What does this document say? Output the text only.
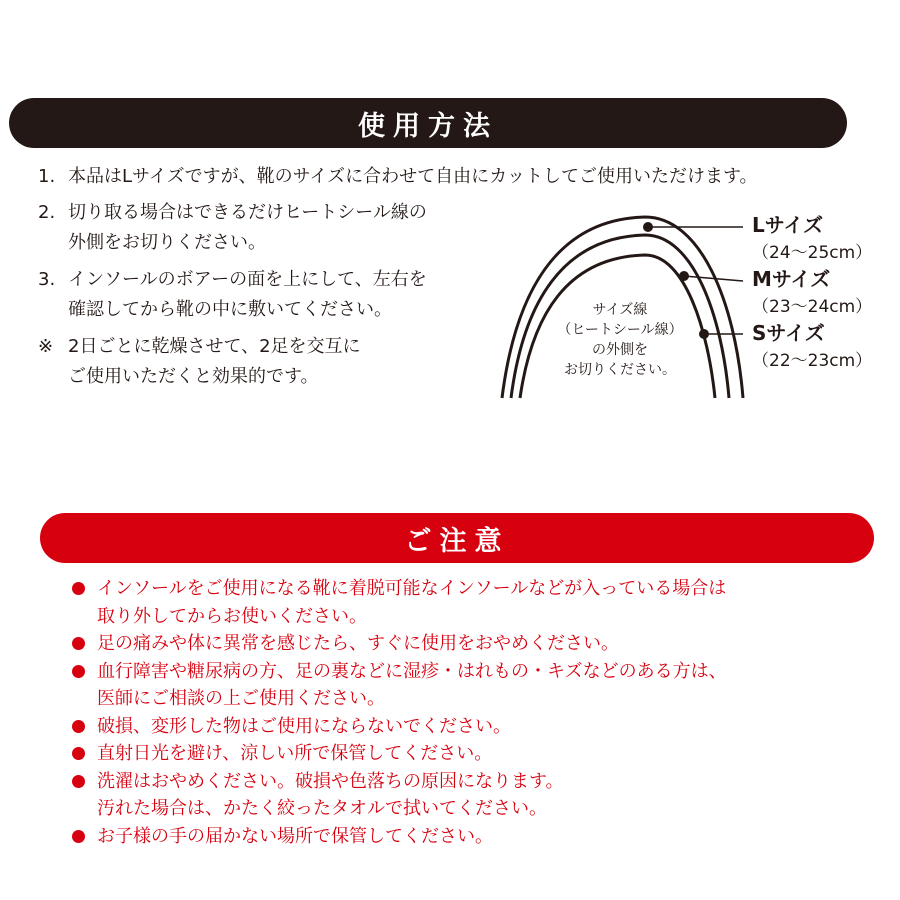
使用方法
1. 本品はLサイズですが、靴のサイズに合わせて自由にカットしてご使用いただけます。
2. 切り取る場合はできるだけヒートシール線の
外側をお切りください。
3. インソールのボアーの面を上にして、左右を
確認してから靴の中に敷いてください。
※ 2日ごとに乾燥させて、2足を交互に
ご使用いただくと効果的です。
Lサイズ
（24〜25cm）
Mサイズ
（23〜24cm）
Sサイズ
（22〜23cm）
サイズ線
（ヒートシール線）
の外側を
お切りください。
ご注意
インソールをご使用になる靴に着脱可能なインソールなどが入っている場合は
取り外してからお使いください。
足の痛みや体に異常を感じたら、すぐに使用をおやめください。
血行障害や糖尿病の方、足の裏などに湿疹・はれもの・キズなどのある方は、
医師にご相談の上ご使用ください。
破損、変形した物はご使用にならないでください。
直射日光を避け、涼しい所で保管してください。
洗濯はおやめください。破損や色落ちの原因になります。
汚れた場合は、かたく絞ったタオルで拭いてください。
お子様の手の届かない場所で保管してください。
